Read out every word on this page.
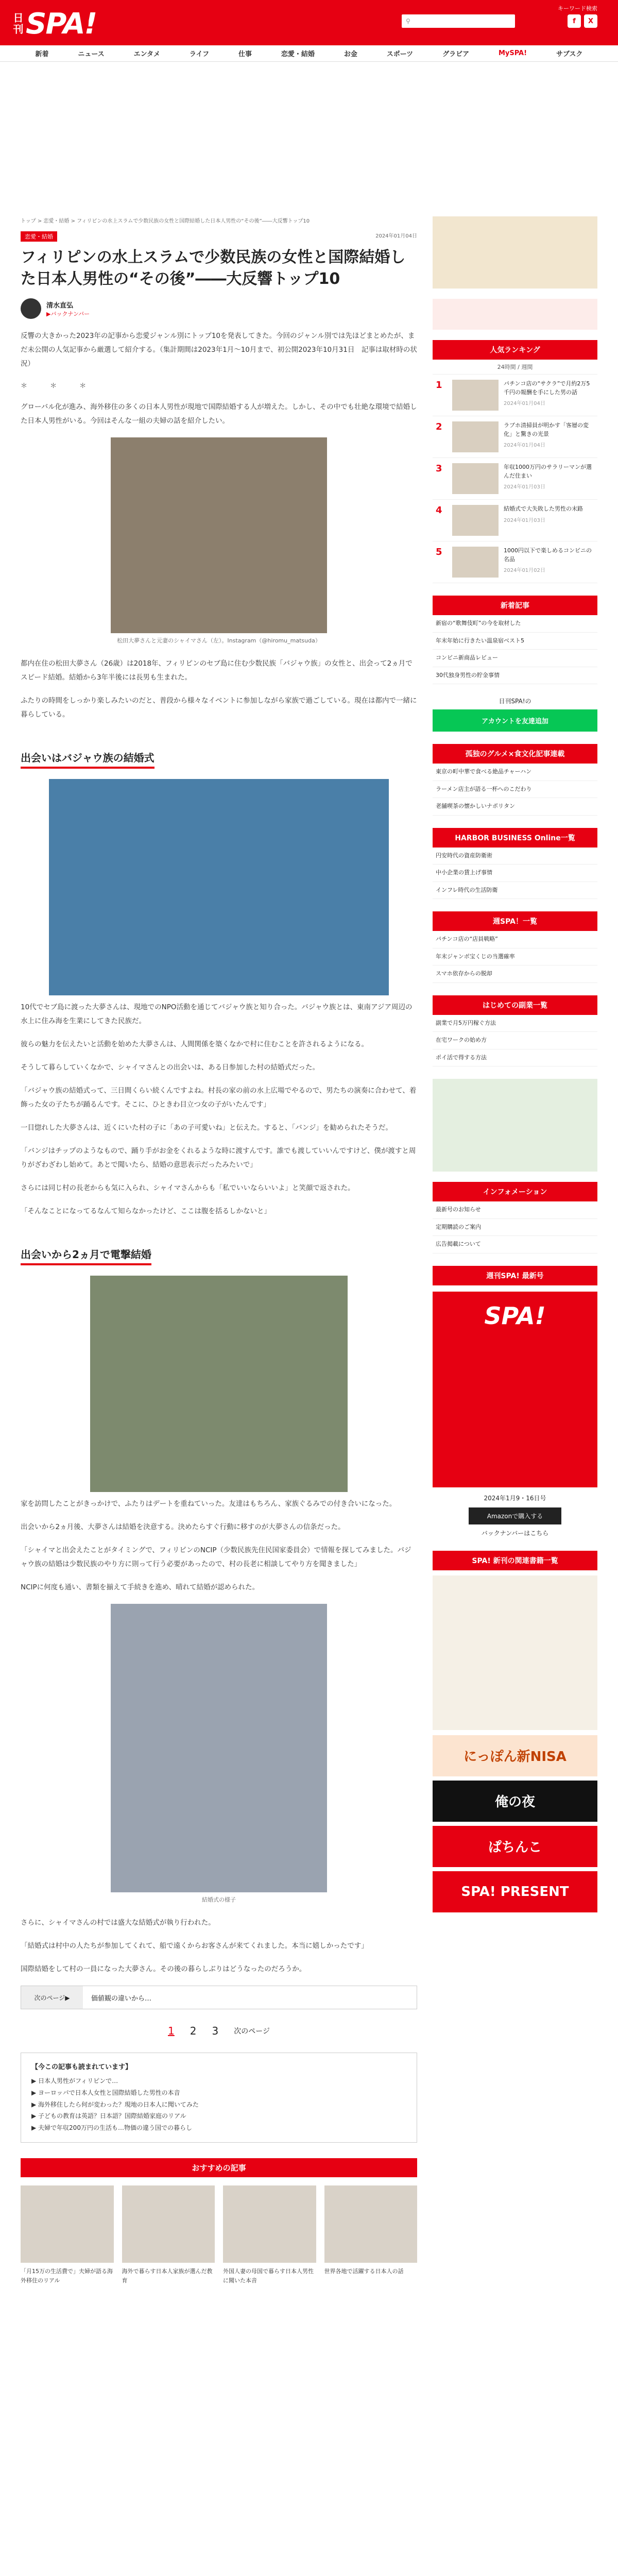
日刊 SPA!	キーワード検索
⚲	f	X
新着	ニュース	エンタメ	ライフ	仕事	恋愛・結婚	お金	スポーツ	グラビア	MySPA!	サブスク
トップ > 恋愛・結婚 > フィリピンの水上スラムで少数民族の女性と国際結婚した日本人男性の“その後”――大反響トップ10
恋愛・結婚	2024年01月04日
フィリピンの水上スラムで少数民族の女性と国際結婚した日本人男性の“その後”――大反響トップ10
清水直弘
▶バックナンバー

反響の大きかった2023年の記事から恋愛ジャンル別にトップ10を発表してきた。今回のジャンル別では先ほどまとめたが、まだ未公開の人気記事から厳選して紹介する。（集計期間は2023年1月〜10月まで、初公開2023年10月31日　記事は取材時の状況）

＊ ＊ ＊

グローバル化が進み、海外移住の多くの日本人男性が現地で国際結婚する人が増えた。しかし、その中でも壮絶な環境で結婚した日本人男性がいる。今回はそんな一組の夫婦の話を紹介したい。

松田大夢さんと元妻のシャイマさん（左）。Instagram（@hiromu_matsuda）

都内在住の松田大夢さん（26歳）は2018年、フィリピンのセブ島に住む少数民族「バジャウ族」の女性と、出会って2ヵ月でスピード結婚。結婚から3年半後には長男も生まれた。

ふたりの時間をしっかり楽しみたいのだと、普段から様々なイベントに参加しながら家族で過ごしている。現在は都内で一緒に暮らしている。

出会いはバジャウ族の結婚式

10代でセブ島に渡った大夢さんは、現地でのNPO活動を通じてバジャウ族と知り合った。バジャウ族とは、東南アジア周辺の水上に住み海を生業にしてきた民族だ。

彼らの魅力を伝えたいと活動を始めた大夢さんは、人間関係を築くなかで村に住むことを許されるようになる。

そうして暮らしていくなかで、シャイマさんとの出会いは、ある日参加した村の結婚式だった。

「バジャウ族の結婚式って、三日間くらい続くんですよね。村長の家の前の水上広場でやるので、男たちの演奏に合わせて、着飾った女の子たちが踊るんです。そこに、ひときわ目立つ女の子がいたんです」

一目惚れした大夢さんは、近くにいた村の子に「あの子可愛いね」と伝えた。すると、「バンジ」を勧められたそうだ。

「バンジはチップのようなもので、踊り手がお金をくれるような時に渡すんです。誰でも渡していいんですけど、僕が渡すと周りがざわざわし始めて。あとで聞いたら、結婚の意思表示だったみたいで」

さらには同じ村の長老からも気に入られ、シャイマさんからも「私でいいならいいよ」と笑顔で返された。

「そんなことになってるなんて知らなかったけど、ここは腹を括るしかないと」

出会いから2ヵ月で電撃結婚

家を訪問したことがきっかけで、ふたりはデートを重ねていった。友達はもちろん、家族ぐるみでの付き合いになった。

出会いから2ヵ月後、大夢さんは結婚を決意する。決めたらすぐ行動に移すのが大夢さんの信条だった。

「シャイマと出会えたことがタイミングで、フィリピンのNCIP（少数民族先住民国家委員会）で情報を探してみました。バジャウ族の結婚は少数民族のやり方に則って行う必要があったので、村の長老に相談してやり方を聞きました」

NCIPに何度も通い、書類を揃えて手続きを進め、晴れて結婚が認められた。

結婚式の様子

さらに、シャイマさんの村では盛大な結婚式が執り行われた。

「結婚式は村中の人たちが参加してくれて、船で遠くからお客さんが来てくれました。本当に嬉しかったです」

国際結婚をして村の一員になった大夢さん。その後の暮らしぶりはどうなったのだろうか。

次のページ▶	価値観の違いから…
1 2 3 次のページ
【今この記事も読まれています】
▶ 日本人男性がフィリピンで…
▶ ヨーロッパで日本人女性と国際結婚した男性の本音
▶ 海外移住したら何が変わった？現地の日本人に聞いてみた
▶ 子どもの教育は英語？日本語？国際結婚家庭のリアル
▶ 夫婦で年収200万円の生活も…物価の違う国での暮らし
おすすめの記事
「月15万の生活費で」夫婦が語る海外移住のリアル
海外で暮らす日本人家族が選んだ教育
外国人妻の母国で暮らす日本人男性に聞いた本音
世界各地で活躍する日本人の話
人気ランキング
24時間 / 週間
1	パチンコ店の“サクラ”で月約2万5千円の報酬を手にした男の話
2024年01月04日
2	ラブホ清掃員が明かす「客層の変化」と驚きの光景
2024年01月04日
3	年収1000万円のサラリーマンが選んだ住まい
2024年01月03日
4	結婚式で大失敗した男性の末路
2024年01月03日
5	1000円以下で楽しめるコンビニの名品
2024年01月02日
新着記事
新宿の“歌舞伎町”の今を取材した
年末年始に行きたい温泉宿ベスト5
コンビニ新商品レビュー
30代独身男性の貯金事情
日刊SPA!の
アカウントを友達追加
孤独のグルメ×食文化記事連載
東京の町中華で食べる絶品チャーハン
ラーメン店主が語る一杯へのこだわり
老舗喫茶の懐かしいナポリタン
HARBOR BUSINESS Online一覧
円安時代の資産防衛術
中小企業の賃上げ事情
インフレ時代の生活防衛
週SPA！一覧
パチンコ店の“店員戦略”
年末ジャンボ宝くじの当選確率
スマホ依存からの脱却
はじめての副業一覧
副業で月5万円稼ぐ方法
在宅ワークの始め方
ポイ活で得する方法
インフォメーション
最新号のお知らせ
定期購読のご案内
広告掲載について
週刊SPA! 最新号
SPA!
2024年1月9・16日号
Amazonで購入する
バックナンバーはこちら
SPA! 新刊の関連書籍一覧
にっぽん新NISA
俺の夜
ぱちんこ
SPA! PRESENT
